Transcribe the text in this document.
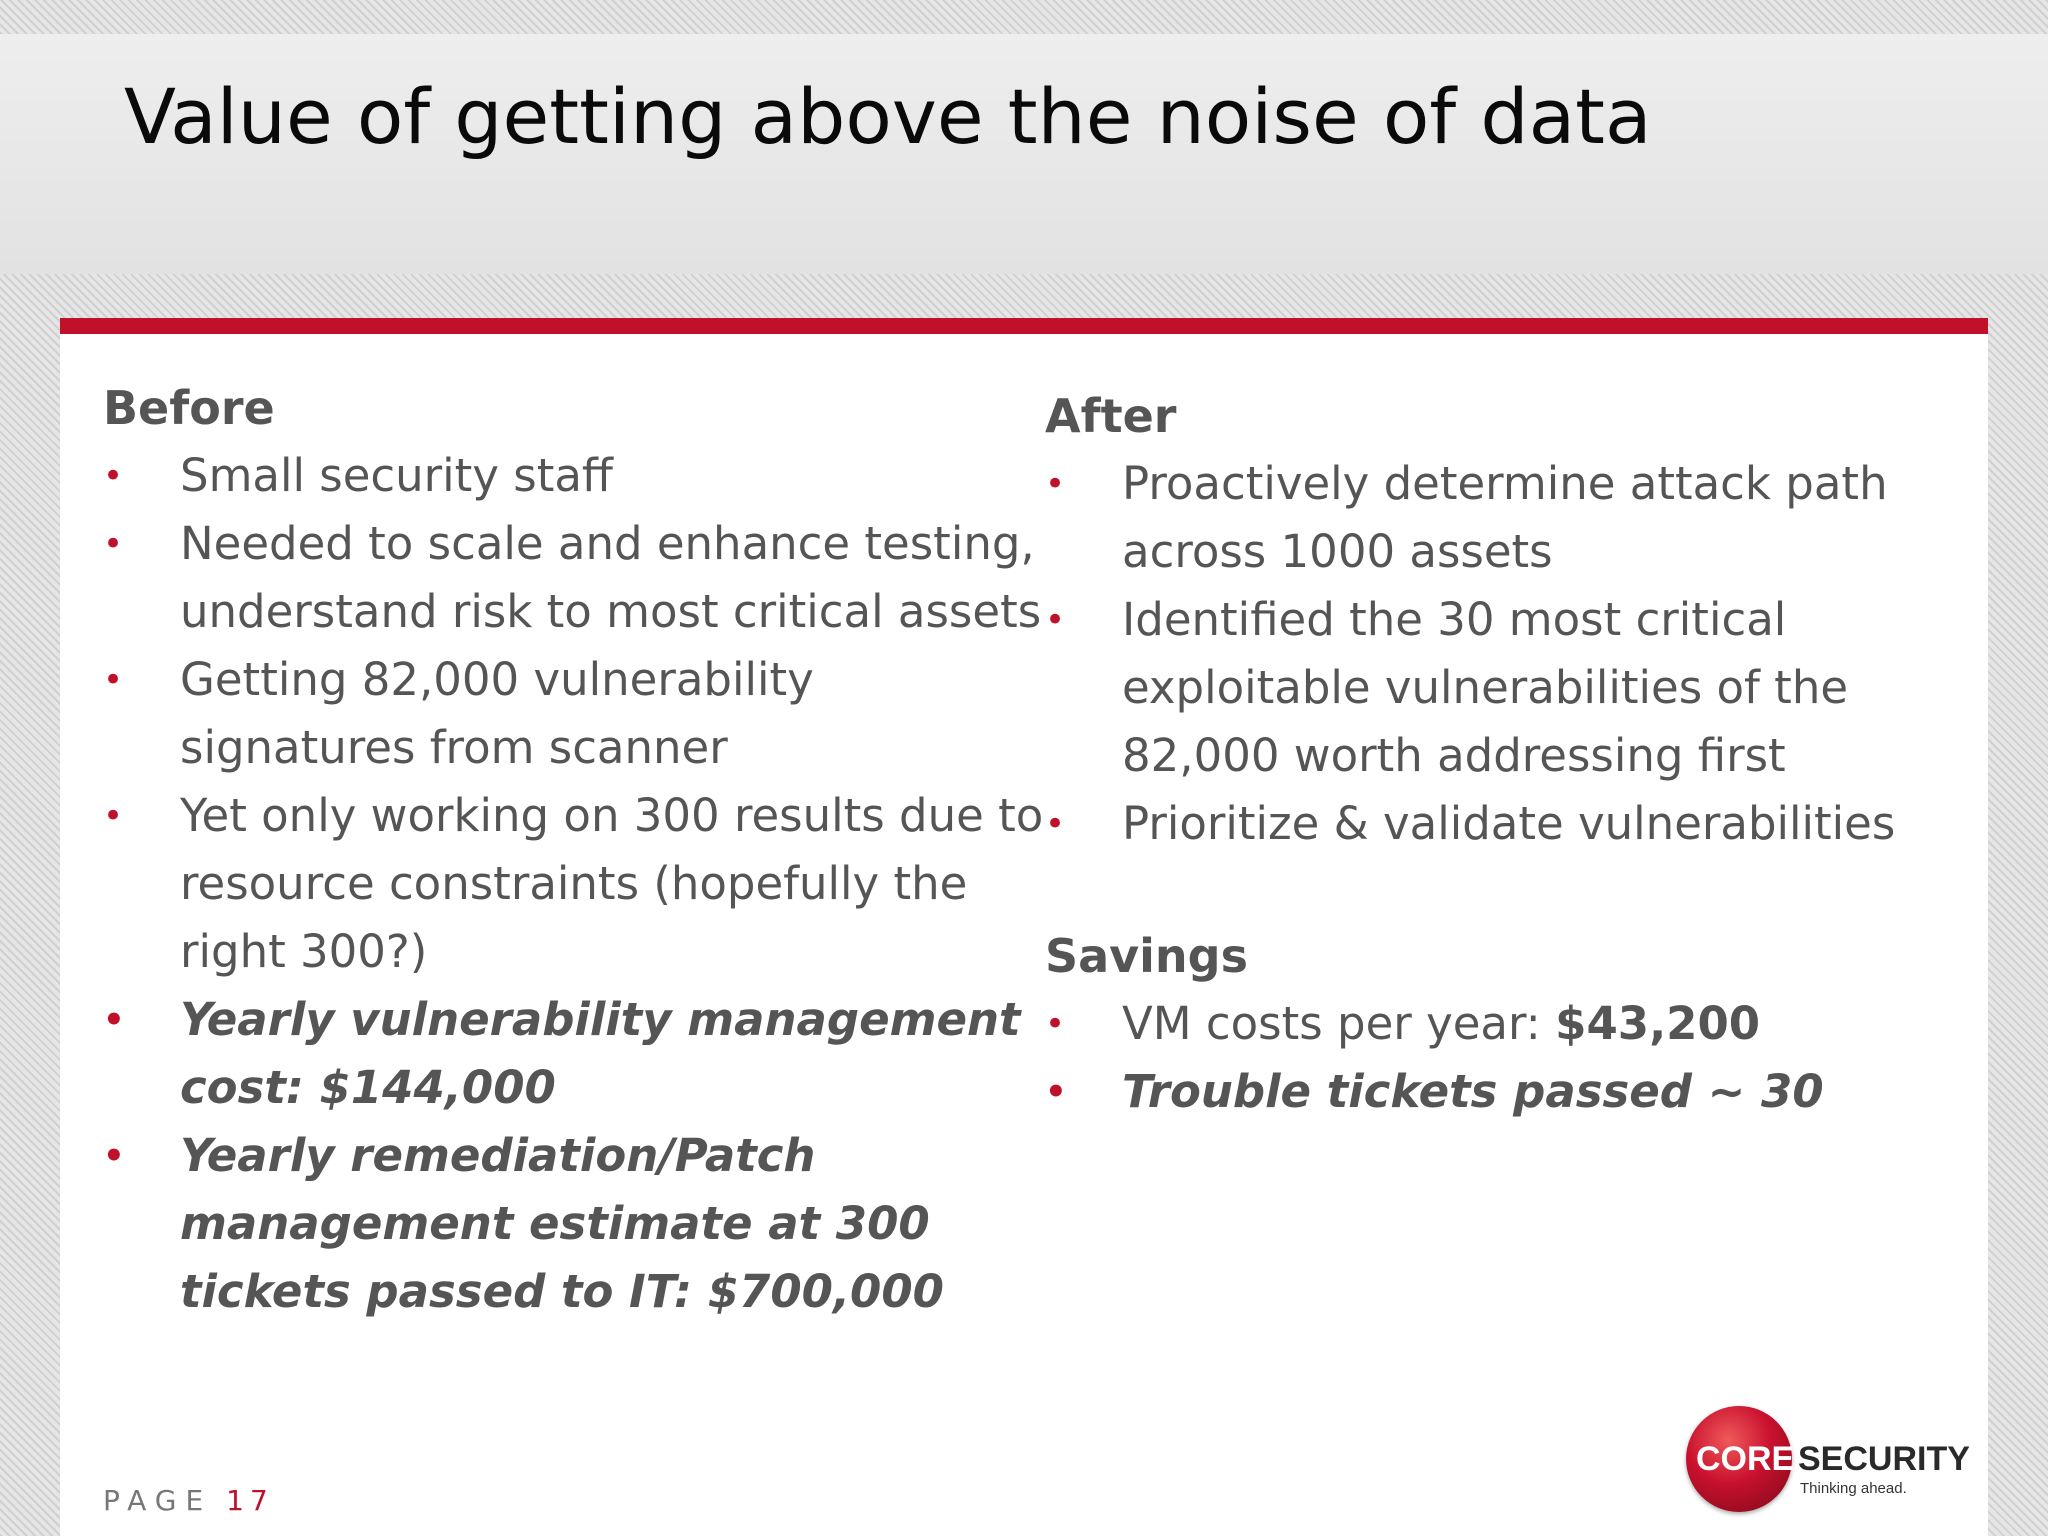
Value of getting above the noise of data
Before
• Small security staff
• Needed to scale and enhance testing, understand risk to most critical assets
• Getting 82,000 vulnerability signatures from scanner
• Yet only working on 300 results due to resource constraints (hopefully the right 300?)
• Yearly vulnerability management cost: $144,000
• Yearly remediation/Patch management estimate at 300 tickets passed to IT: $700,000
After
• Proactively determine attack path across 1000 assets
• Identified the 30 most critical exploitable vulnerabilities of the 82,000 worth addressing first
• Prioritize & validate vulnerabilities
Savings
• VM costs per year: $43,200
• Trouble tickets passed ~ 30
PAGE 17
CORE SECURITY
Thinking ahead.
